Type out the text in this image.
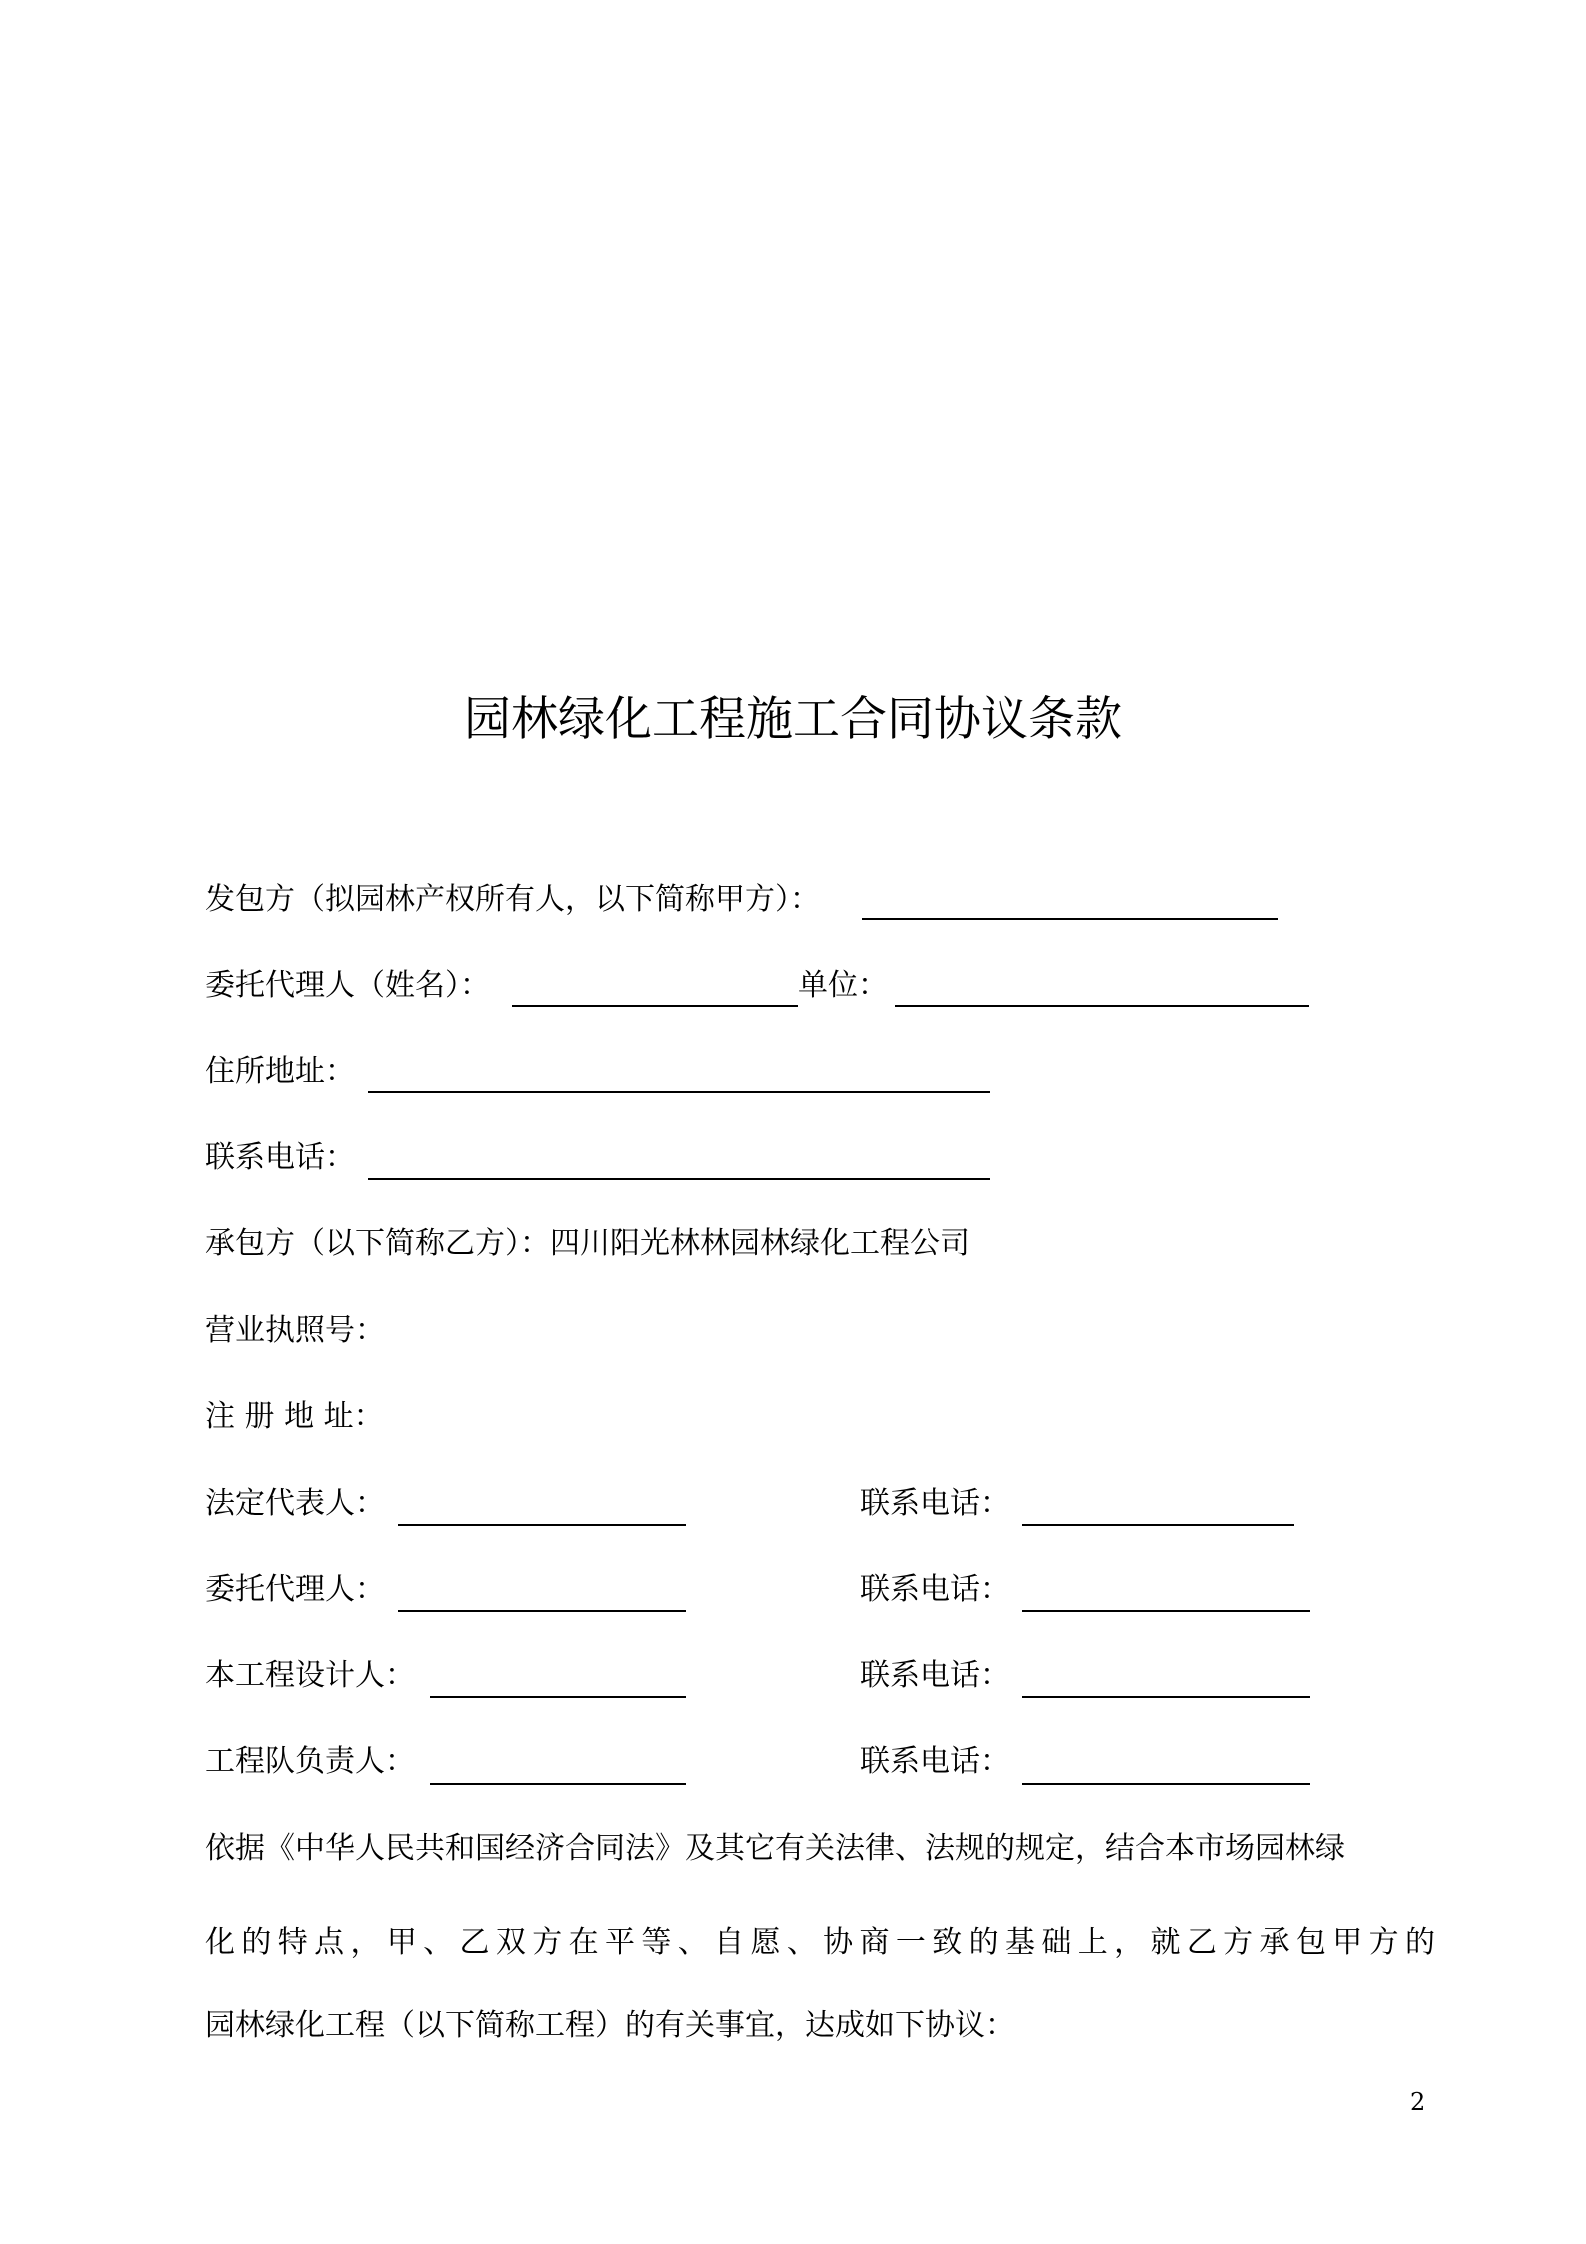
园林绿化工程施工合同协议条款
发包方（拟园林产权所有人，以下简称甲方）：
委托代理人（姓名）：	单位：
住所地址：
联系电话：
承包方（以下简称乙方）：四川阳光林林园林绿化工程公司
营业执照号：
注 册 地 址：
法定代表人：	联系电话：
委托代理人：	联系电话：
本工程设计人：	联系电话：
工程队负责人：	联系电话：
依据《中华人民共和国经济合同法》及其它有关法律、法规的规定，结合本市场园林绿
化的特点，甲、乙双方在平等、自愿、协商一致的基础上，就乙方承包甲方的
园林绿化工程（以下简称工程）的有关事宜，达成如下协议：
2
